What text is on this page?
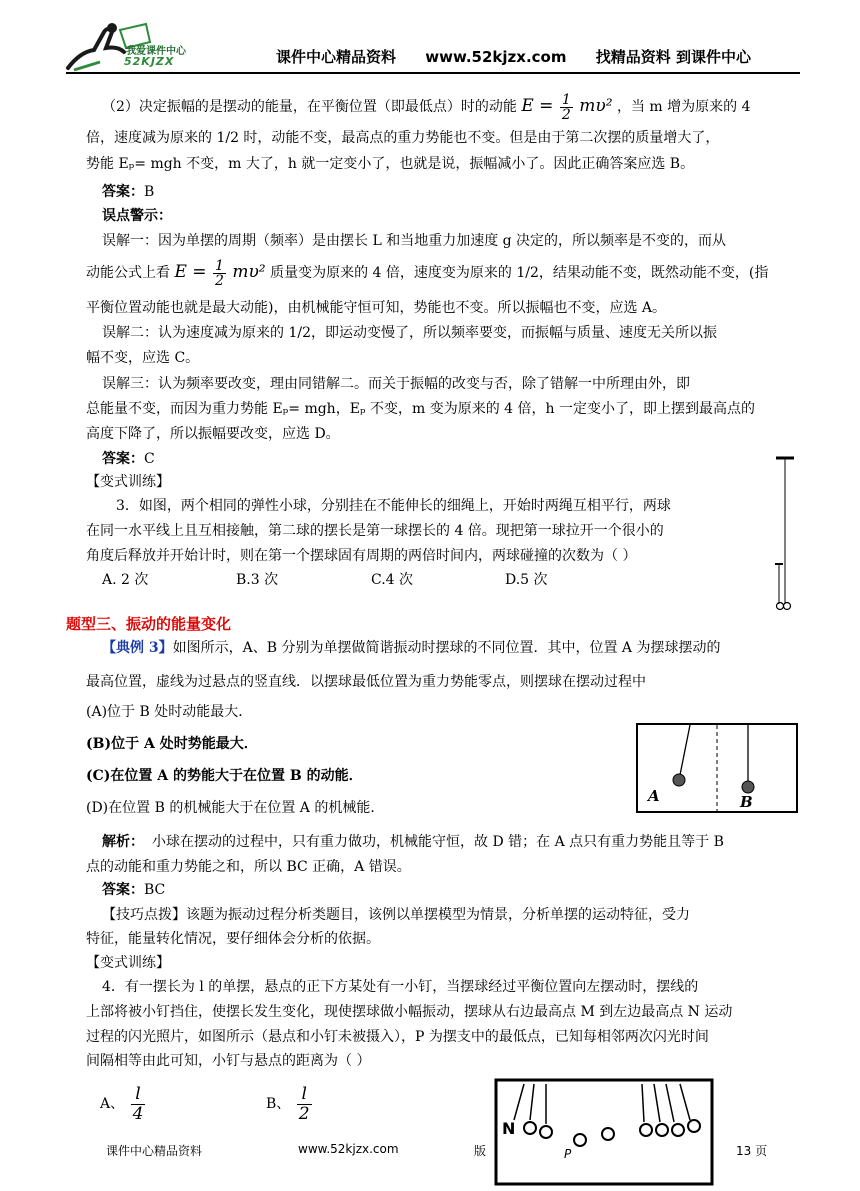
我爱课件中心
52KJZX	课件中心精品资料 www.52kjzx.com 找精品资料 到课件中心
（2）决定振幅的是摆动的能量，在平衡位置（即最低点）时的动能 $E = \frac{1}{2} m\upsilon^2$ ，当 m 增为原来的 4
倍，速度减为原来的 1/2 时，动能不变，最高点的重力势能也不变。但是由于第二次摆的质量增大了，
势能 Eₚ= mgh 不变，m 大了，h 就一定变小了，也就是说，振幅减小了。因此正确答案应选 B。
答案：B
误点警示：
误解一：因为单摆的周期（频率）是由摆长 L 和当地重力加速度 g 决定的，所以频率是不变的，而从
动能公式上看 $E = \frac{1}{2} m\upsilon^2$ 质量变为原来的 4 倍，速度变为原来的 1/2，结果动能不变，既然动能不变，(指
平衡位置动能也就是最大动能)，由机械能守恒可知，势能也不变。所以振幅也不变，应选 A。
误解二：认为速度减为原来的 1/2，即运动变慢了，所以频率要变，而振幅与质量、速度无关所以振
幅不变，应选 C。
误解三：认为频率要改变，理由同错解二。而关于振幅的改变与否，除了错解一中所理由外，即
总能量不变，而因为重力势能 Eₚ= mgh，Eₚ 不变，m 变为原来的 4 倍，h 一定变小了，即上摆到最高点的
高度下降了，所以振幅要改变，应选 D。
答案：C
【变式训练】
3．如图，两个相同的弹性小球，分别挂在不能伸长的细绳上，开始时两绳互相平行，两球
在同一水平线上且互相接触，第二球的摆长是第一球摆长的 4 倍。现把第一球拉开一个很小的
角度后释放并开始计时，则在第一个摆球固有周期的两倍时间内，两球碰撞的次数为（ ）
A. 2 次	B.3 次	C.4 次	D.5 次
题型三、振动的能量变化
【典例 3】如图所示，A、B 分别为单摆做简谐振动时摆球的不同位置．其中，位置 A 为摆球摆动的
最高位置，虚线为过悬点的竖直线．以摆球最低位置为重力势能零点，则摆球在摆动过程中
(A)位于 B 处时动能最大．
(B)位于 A 处时势能最大．
(C)在位置 A 的势能大于在位置 B 的动能．
(D)在位置 B 的机械能大于在位置 A 的机械能．
A	B
解析： 小球在摆动的过程中，只有重力做功，机械能守恒，故 D 错；在 A 点只有重力势能且等于 B
点的动能和重力势能之和，所以 BC 正确，A 错误。
答案：BC
【技巧点拨】该题为振动过程分析类题目，该例以单摆模型为情景，分析单摆的运动特征，受力
特征，能量转化情况，要仔细体会分析的依据。
【变式训练】
4．有一摆长为 l 的单摆，悬点的正下方某处有一小钉，当摆球经过平衡位置向左摆动时，摆线的
上部将被小钉挡住，使摆长发生变化，现使摆球做小幅振动，摆球从右边最高点 M 到左边最高点 N 运动
过程的闪光照片，如图所示（悬点和小钉未被摄入），P 为摆支中的最低点，已知每相邻两次闪光时间
间隔相等由此可知，小钉与悬点的距离为（ ）
A、 $\frac{l}{4}$	B、 $\frac{l}{2}$
N
P
课件中心精品资料	www.52kjzx.com	版	13 页
